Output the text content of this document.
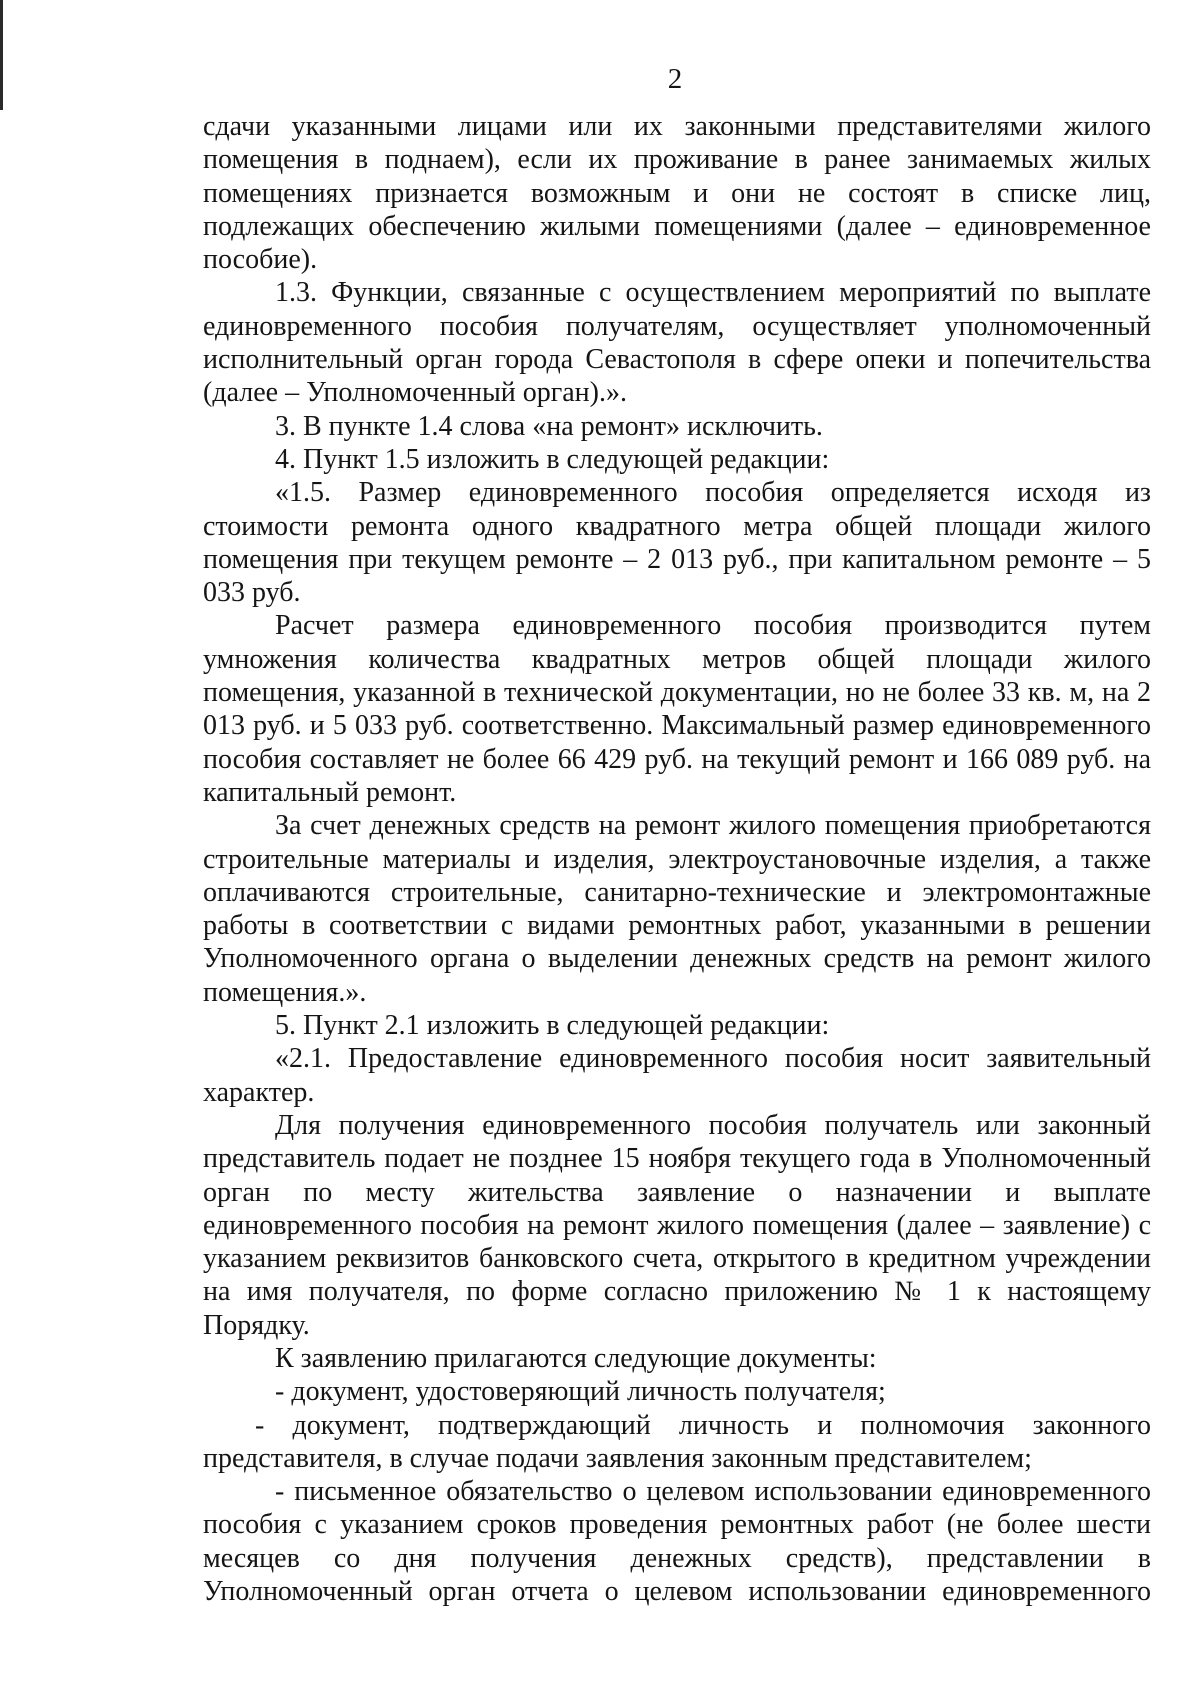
2

сдачи указанными лицами или их законными представителями жилого помещения в поднаем), если их проживание в ранее занимаемых жилых помещениях признается возможным и они не состоят в списке лиц, подлежащих обеспечению жилыми помещениями (далее – единовременное пособие).

1.3. Функции, связанные с осуществлением мероприятий по выплате единовременного пособия получателям, осуществляет уполномоченный исполнительный орган города Севастополя в сфере опеки и попечительства (далее – Уполномоченный орган).».

3. В пункте 1.4 слова «на ремонт» исключить.

4. Пункт 1.5 изложить в следующей редакции:

«1.5. Размер единовременного пособия определяется исходя из стоимости ремонта одного квадратного метра общей площади жилого помещения при текущем ремонте – 2 013 руб., при капитальном ремонте – 5 033 руб.

Расчет размера единовременного пособия производится путем умножения количества квадратных метров общей площади жилого помещения, указанной в технической документации, но не более 33 кв. м, на 2 013 руб. и 5 033 руб. соответственно. Максимальный размер единовременного пособия составляет не более 66 429 руб. на текущий ремонт и 166 089 руб. на капитальный ремонт.

За счет денежных средств на ремонт жилого помещения приобретаются строительные материалы и изделия, электроустановочные изделия, а также оплачиваются строительные, санитарно-технические и электромонтажные работы в соответствии с видами ремонтных работ, указанными в решении Уполномоченного органа о выделении денежных средств на ремонт жилого помещения.».

5. Пункт 2.1 изложить в следующей редакции:

«2.1. Предоставление единовременного пособия носит заявительный характер.

Для получения единовременного пособия получатель или законный представитель подает не позднее 15 ноября текущего года в Уполномоченный орган по месту жительства заявление о назначении и выплате единовременного пособия на ремонт жилого помещения (далее – заявление) с указанием реквизитов банковского счета, открытого в кредитном учреждении на имя получателя, по форме согласно приложению № 1 к настоящему Порядку.

К заявлению прилагаются следующие документы:

- документ, удостоверяющий личность получателя;

- документ, подтверждающий личность и полномочия законного представителя, в случае подачи заявления законным представителем;

- письменное обязательство о целевом использовании единовременного пособия с указанием сроков проведения ремонтных работ (не более шести месяцев со дня получения денежных средств), представлении в Уполномоченный орган отчета о целевом использовании единовременного
